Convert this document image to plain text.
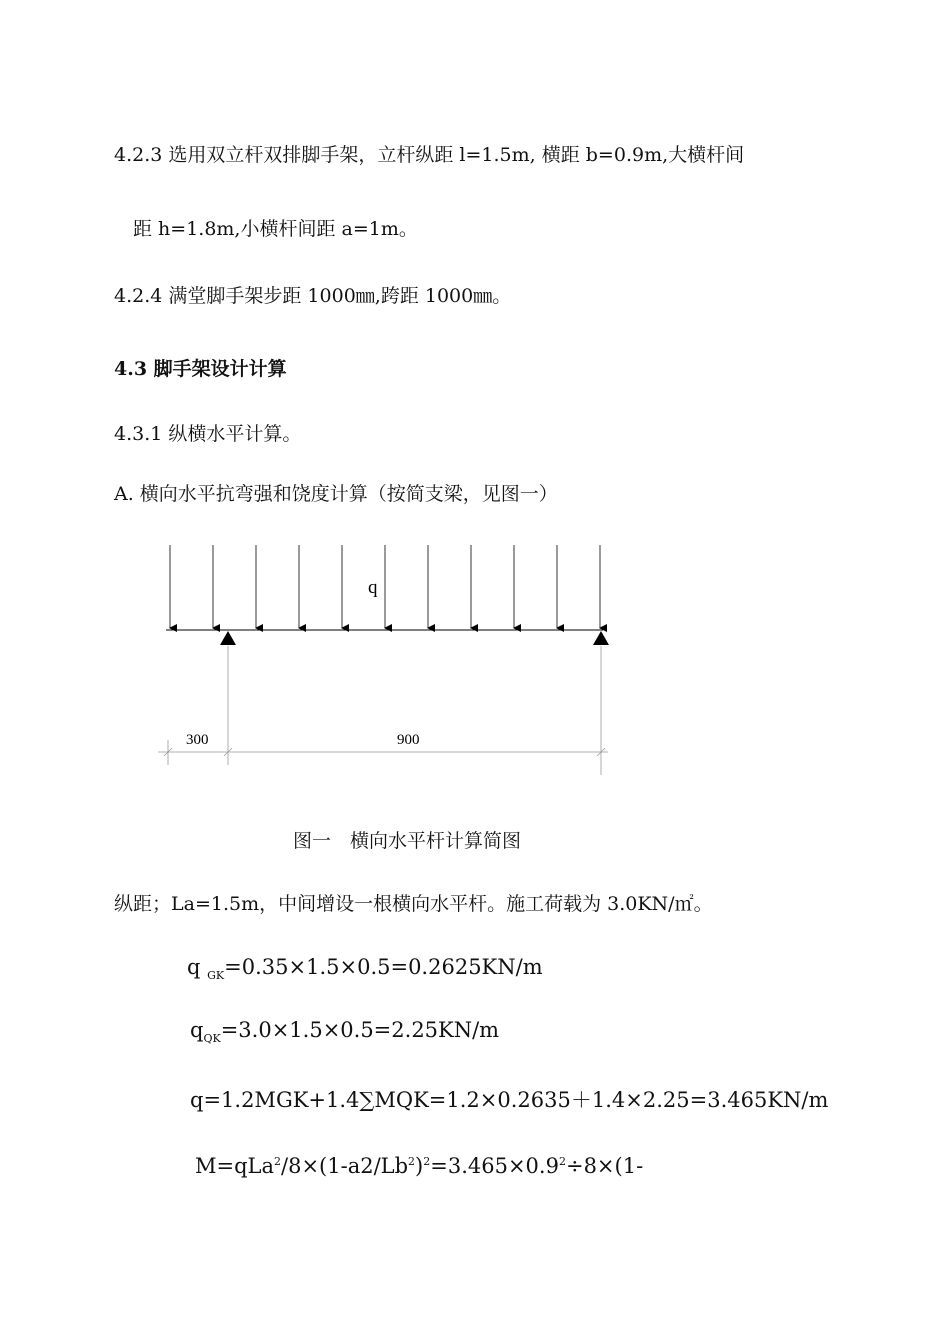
4.2.3 选用双立杆双排脚手架，立杆纵距 l=1.5m, 横距 b=0.9m,大横杆间
距 h=1.8m,小横杆间距 a=1m。
4.2.4 满堂脚手架步距 1000㎜,跨距 1000㎜。
4.3 脚手架设计计算
4.3.1 纵横水平计算。
A. 横向水平抗弯强和饶度计算（按简支梁，见图一）
q
300	900
图一　横向水平杆计算简图
纵距；La=1.5m，中间增设一根横向水平杆。施工荷载为 3.0KN/㎡。
q $_{GK}$=0.35×1.5×0.5=0.2625KN/m
$q_{QK}=3.0\times 1.5\times 0.5=2.25KN/m$
q=1.2MGK+1.4∑MQK=1.2×0.2635＋1.4×2.25=3.465KN/m
$M=qLa^2/8\times(1-a2/Lb^2)^2=3.465\times 0.9^2\div 8\times(1-$
